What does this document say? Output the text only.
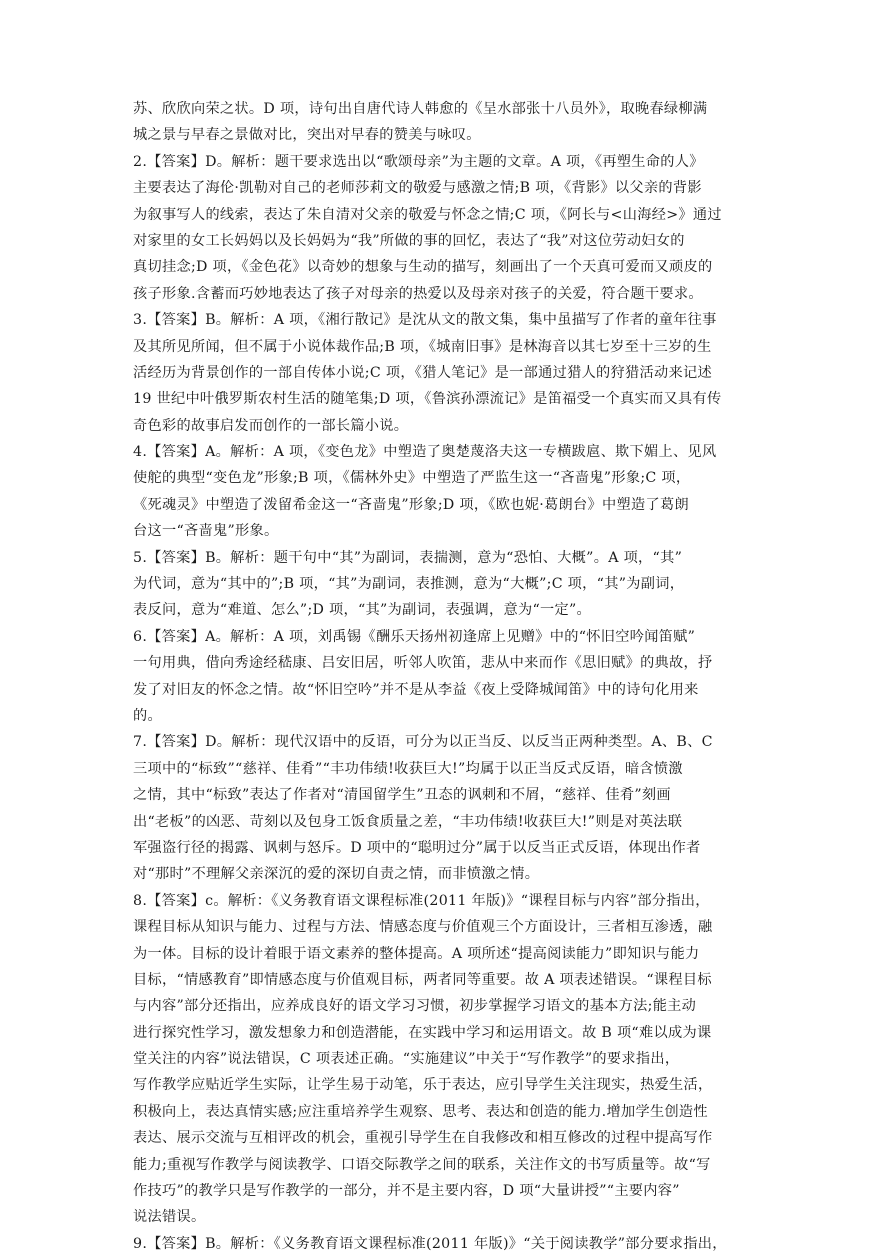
苏、欣欣向荣之状。D 项，诗句出自唐代诗人韩愈的《呈水部张十八员外》，取晚春绿柳满
城之景与早春之景做对比，突出对早春的赞美与咏叹。
2.【答案】D。解析：题干要求选出以“歌颂母亲”为主题的文章。A 项，《再塑生命的人》
主要表达了海伦·凯勒对自己的老师莎莉文的敬爱与感激之情;B 项，《背影》以父亲的背影
为叙事写人的线索，表达了朱自清对父亲的敬爱与怀念之情;C 项，《阿长与<山海经>》通过
对家里的女工长妈妈以及长妈妈为“我”所做的事的回忆，表达了“我”对这位劳动妇女的
真切挂念;D 项，《金色花》以奇妙的想象与生动的描写，刻画出了一个天真可爱而又顽皮的
孩子形象.含蓄而巧妙地表达了孩子对母亲的热爱以及母亲对孩子的关爱，符合题干要求。
3.【答案】B。解析：A 项，《湘行散记》是沈从文的散文集，集中虽描写了作者的童年往事
及其所见所闻，但不属于小说体裁作品;B 项，《城南旧事》是林海音以其七岁至十三岁的生
活经历为背景创作的一部自传体小说;C 项，《猎人笔记》是一部通过猎人的狩猎活动来记述
19 世纪中叶俄罗斯农村生活的随笔集;D 项，《鲁滨孙漂流记》是笛福受一个真实而又具有传
奇色彩的故事启发而创作的一部长篇小说。
4.【答案】A。解析：A 项，《变色龙》中塑造了奥楚蔑洛夫这一专横跋扈、欺下媚上、见风
使舵的典型“变色龙”形象;B 项，《儒林外史》中塑造了严监生这一“吝啬鬼”形象;C 项，
《死魂灵》中塑造了泼留希金这一“吝啬鬼”形象;D 项，《欧也妮·葛朗台》中塑造了葛朗
台这一“吝啬鬼”形象。
5.【答案】B。解析：题干句中“其”为副词，表揣测，意为“恐怕、大概”。A 项，“其”
为代词，意为“其中的”;B 项，“其”为副词，表推测，意为“大概”;C 项，“其”为副词，
表反问，意为“难道、怎么”;D 项，“其”为副词，表强调，意为“一定”。
6.【答案】A。解析：A 项，刘禹锡《酬乐天扬州初逢席上见赠》中的“怀旧空吟闻笛赋”
一句用典，借向秀途经嵇康、吕安旧居，听邻人吹笛，悲从中来而作《思旧赋》的典故，抒
发了对旧友的怀念之情。故“怀旧空吟”并不是从李益《夜上受降城闻笛》中的诗句化用来
的。
7.【答案】D。解析：现代汉语中的反语，可分为以正当反、以反当正两种类型。A、B、C
三项中的“标致”“慈祥、佳肴”“丰功伟绩!收获巨大!”均属于以正当反式反语，暗含愤激
之情，其中“标致”表达了作者对“清国留学生”丑态的讽刺和不屑，“慈祥、佳肴”刻画
出“老板”的凶恶、苛刻以及包身工饭食质量之差，“丰功伟绩!收获巨大!”则是对英法联
军强盗行径的揭露、讽刺与怒斥。D 项中的“聪明过分”属于以反当正式反语，体现出作者
对“那时”不理解父亲深沉的爱的深切自责之情，而非愤激之情。
8.【答案】c。解析：《义务教育语文课程标准(2011 年版)》“课程目标与内容”部分指出，
课程目标从知识与能力、过程与方法、情感态度与价值观三个方面设计，三者相互渗透，融
为一体。目标的设计着眼于语文素养的整体提高。A 项所述“提高阅读能力”即知识与能力
目标，“情感教育”即情感态度与价值观目标，两者同等重要。故 A 项表述错误。“课程目标
与内容”部分还指出，应养成良好的语文学习习惯，初步掌握学习语文的基本方法;能主动
进行探究性学习，激发想象力和创造潜能，在实践中学习和运用语文。故 B 项“难以成为课
堂关注的内容”说法错误，C 项表述正确。“实施建议”中关于“写作教学”的要求指出，
写作教学应贴近学生实际，让学生易于动笔，乐于表达，应引导学生关注现实，热爱生活，
积极向上，表达真情实感;应注重培养学生观察、思考、表达和创造的能力.增加学生创造性
表达、展示交流与互相评改的机会，重视引导学生在自我修改和相互修改的过程中提高写作
能力;重视写作教学与阅读教学、口语交际教学之间的联系，关注作文的书写质量等。故“写
作技巧”的教学只是写作教学的一部分，并不是主要内容，D 项“大量讲授”“主要内容”
说法错误。
9.【答案】B。解析：《义务教育语文课程标准(2011 年版)》“关于阅读教学”部分要求指出，
